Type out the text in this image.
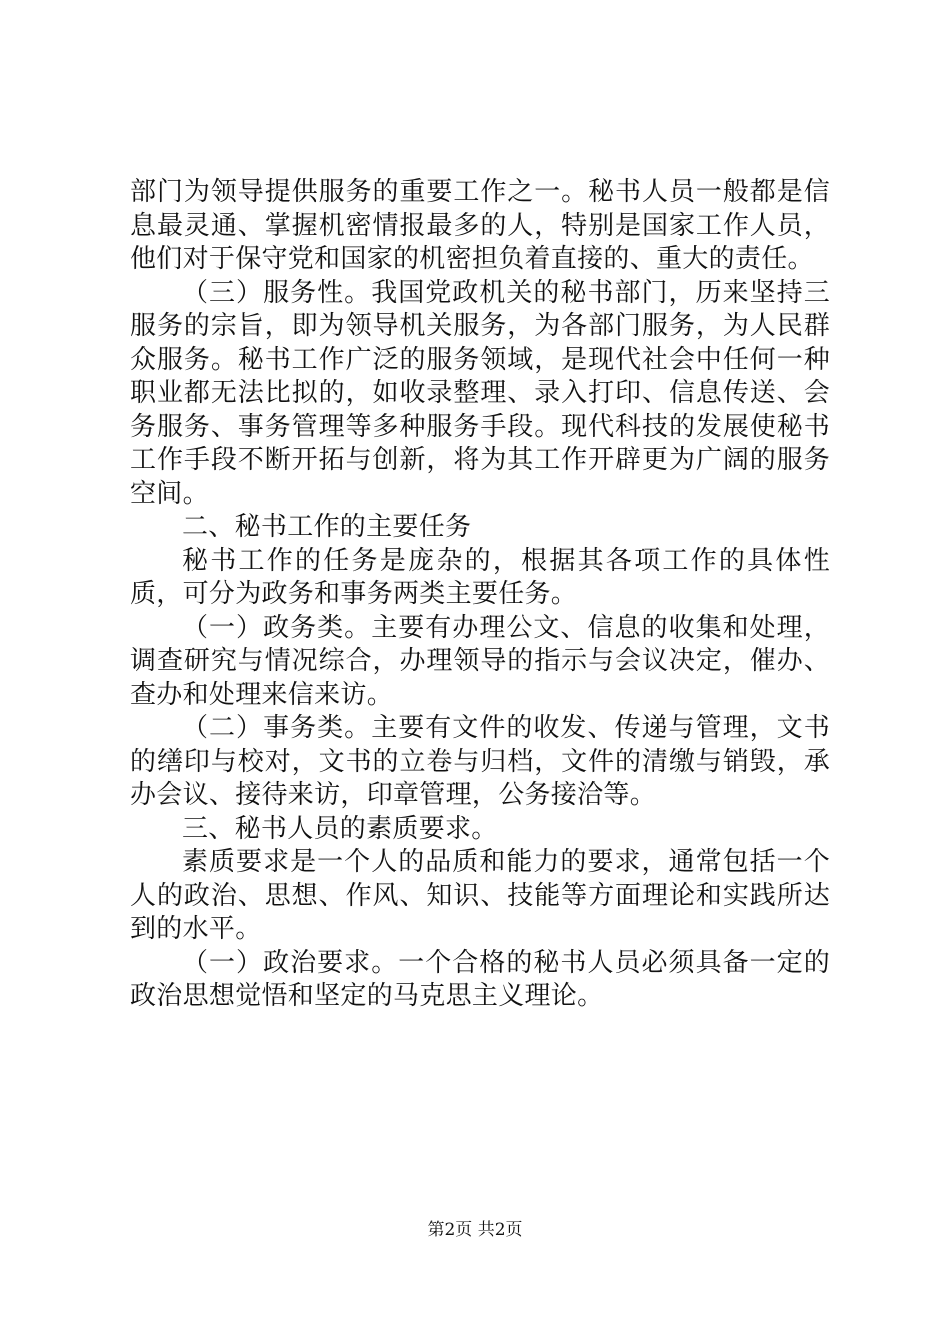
部门为领导提供服务的重要工作之一。秘书人员一般都是信息最灵通、掌握机密情报最多的人，特别是国家工作人员，他们对于保守党和国家的机密担负着直接的、重大的责任。

（三）服务性。我国党政机关的秘书部门，历来坚持三服务的宗旨，即为领导机关服务，为各部门服务，为人民群众服务。秘书工作广泛的服务领域，是现代社会中任何一种职业都无法比拟的，如收录整理、录入打印、信息传送、会务服务、事务管理等多种服务手段。现代科技的发展使秘书工作手段不断开拓与创新，将为其工作开辟更为广阔的服务空间。

二、秘书工作的主要任务

秘书工作的任务是庞杂的，根据其各项工作的具体性质，可分为政务和事务两类主要任务。

（一）政务类。主要有办理公文、信息的收集和处理，调查研究与情况综合，办理领导的指示与会议决定，催办、查办和处理来信来访。

（二）事务类。主要有文件的收发、传递与管理，文书的缮印与校对，文书的立卷与归档，文件的清缴与销毁，承办会议、接待来访，印章管理，公务接洽等。

三、秘书人员的素质要求。

素质要求是一个人的品质和能力的要求，通常包括一个人的政治、思想、作风、知识、技能等方面理论和实践所达到的水平。

（一）政治要求。一个合格的秘书人员必须具备一定的政治思想觉悟和坚定的马克思主义理论。

第2页 共2页
